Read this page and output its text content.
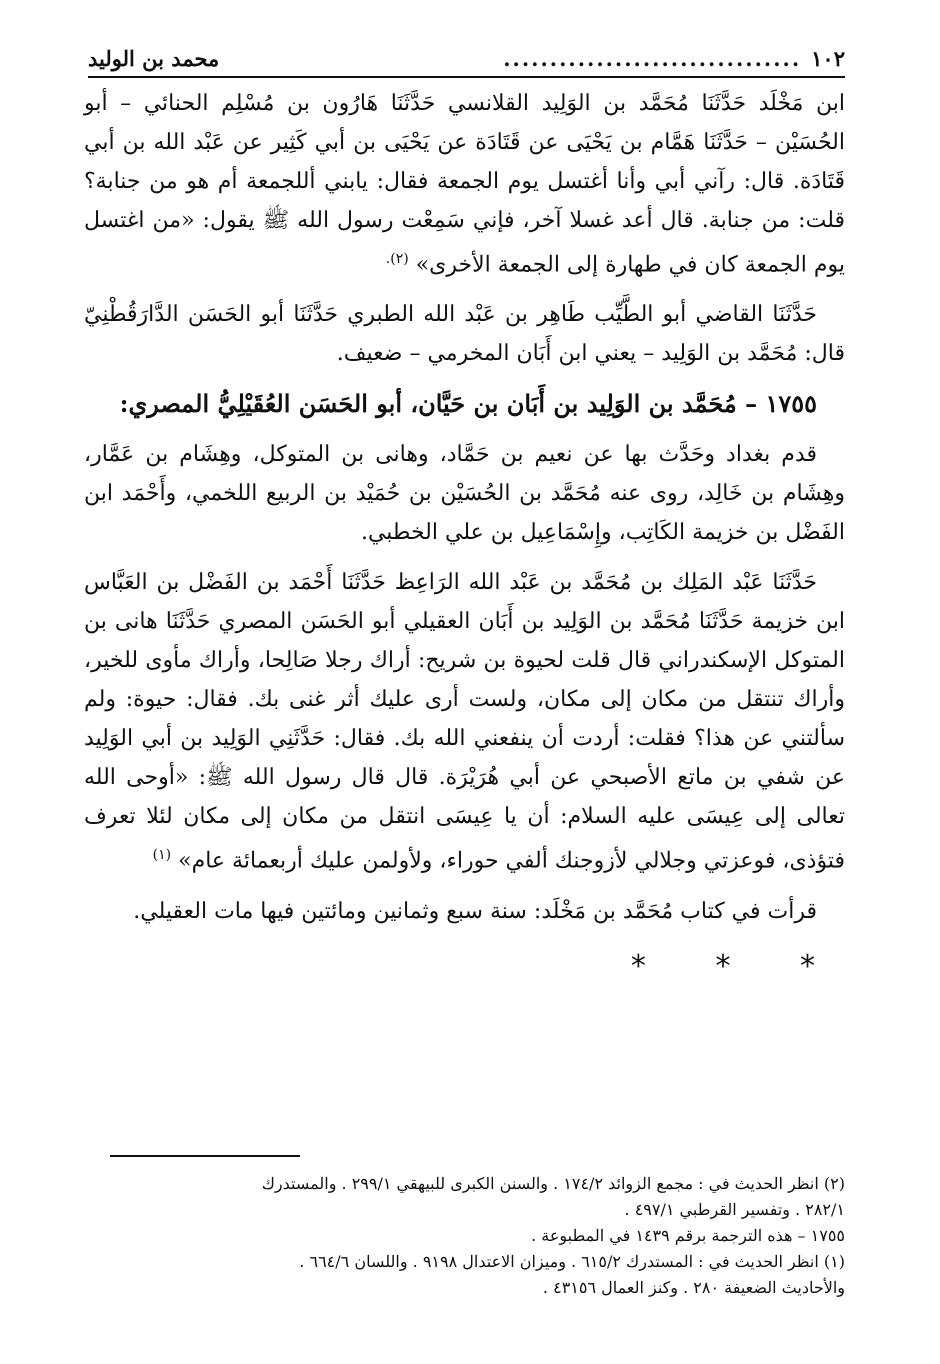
١٠٢
................................
محمد بن الوليد

ابن مَخْلَد حَدَّثَنَا مُحَمَّد بن الوَلِيد القلانسي حَدَّثَنَا هَارُون بن مُسْلِم الحنائي – أبو الحُسَيْن – حَدَّثَنَا هَمَّام بن يَحْيَى عن قَتَادَة عن يَحْيَى بن أبي كَثِير عن عَبْد الله بن أبي قَتَادَة. قال: رآني أبي وأنا أغتسل يوم الجمعة فقال: يابني أللجمعة أم هو من جنابة؟ قلت: من جنابة. قال أعد غسلا آخر، فإني سَمِعْت رسول الله ﷺ يقول: «من اغتسل يوم الجمعة كان في طهارة إلى الجمعة الأخرى» $^{(٢).}$

حَدَّثَنَا القاضي أبو الطَّيِّب طَاهِر بن عَبْد الله الطبري حَدَّثَنَا أبو الحَسَن الدَّارَقُطْنِيّ قال: مُحَمَّد بن الوَلِيد – يعني ابن أَبَان المخرمي – ضعيف.

١٧٥٥ – مُحَمَّد بن الوَلِيد بن أَبَان بن حَيَّان، أبو الحَسَن العُقَيْلِيُّ المصري:

قدم بغداد وحَدَّث بها عن نعيم بن حَمَّاد، وهانى بن المتوكل، وهِشَام بن عَمَّار، وهِشَام بن خَالِد، روى عنه مُحَمَّد بن الحُسَيْن بن حُمَيْد بن الربيع اللخمي، وأَحْمَد ابن الفَضْل بن خزيمة الكَاتِب، وإِسْمَاعِيل بن علي الخطبي.

حَدَّثَنَا عَبْد المَلِك بن مُحَمَّد بن عَبْد الله الرَاعِظ حَدَّثَنَا أَحْمَد بن الفَضْل بن العَبَّاس ابن خزيمة حَدَّثَنَا مُحَمَّد بن الوَلِيد بن أَبَان العقيلي أبو الحَسَن المصري حَدَّثَنَا هانى بن المتوكل الإسكندراني قال قلت لحيوة بن شريح: أراك رجلا صَالِحا، وأراك مأوى للخير، وأراك تنتقل من مكان إلى مكان، ولست أرى عليك أثر غنى بك. فقال: حيوة: ولم سألتني عن هذا؟ فقلت: أردت أن ينفعني الله بك. فقال: حَدَّثَنِي الوَلِيد بن أبي الوَلِيد عن شفي بن ماتع الأصبحي عن أبي هُرَيْرَة. قال قال رسول الله ﷺ: «أوحى الله تعالى إلى عِيسَى عليه السلام: أن يا عِيسَى انتقل من مكان إلى مكان لئلا تعرف فتؤذى، فوعزتي وجلالي لأزوجنك ألفي حوراء، ولأولمن عليك أربعمائة عام» $^{(١)}$

قرأت في كتاب مُحَمَّد بن مَخْلَد: سنة سبع وثمانين ومائتين فيها مات العقيلي.

* * *

(٢) انظر الحديث في : مجمع الزوائد ١٧٤/٢ . والسنن الكبرى للبيهقي ٢٩٩/١ . والمستدرك

٢٨٢/١ . وتفسير القرطبي ٤٩٧/١ .

١٧٥٥ – هذه الترجمة برقم ١٤٣٩ في المطبوعة .

(١) انظر الحديث في : المستدرك ٦١٥/٢ . وميزان الاعتدال ٩١٩٨ . واللسان ٦٦٤/٦ .

والأحاديث الضعيفة ٢٨٠ . وكنز العمال ٤٣١٥٦ .
